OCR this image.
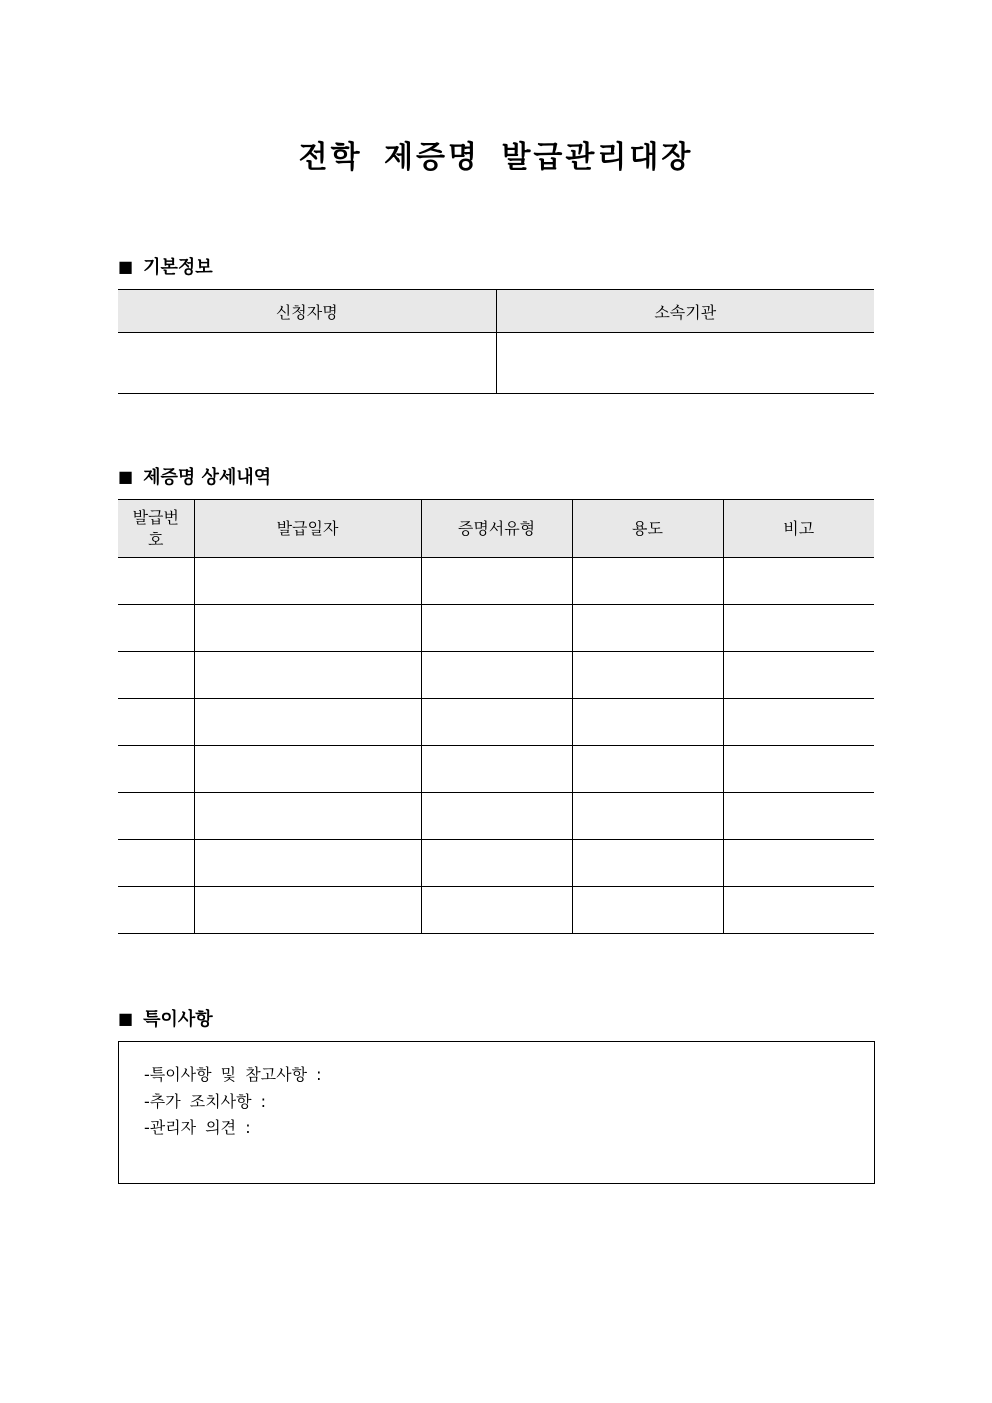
전학 제증명 발급관리대장
■ 기본정보
신청자명	소속기관

■ 제증명 상세내역
발급번
호	발급일자	증명서유형	용도	비고

■ 특이사항
-특이사항 및 참고사항 :
-추가 조치사항 :
-관리자 의견 :
